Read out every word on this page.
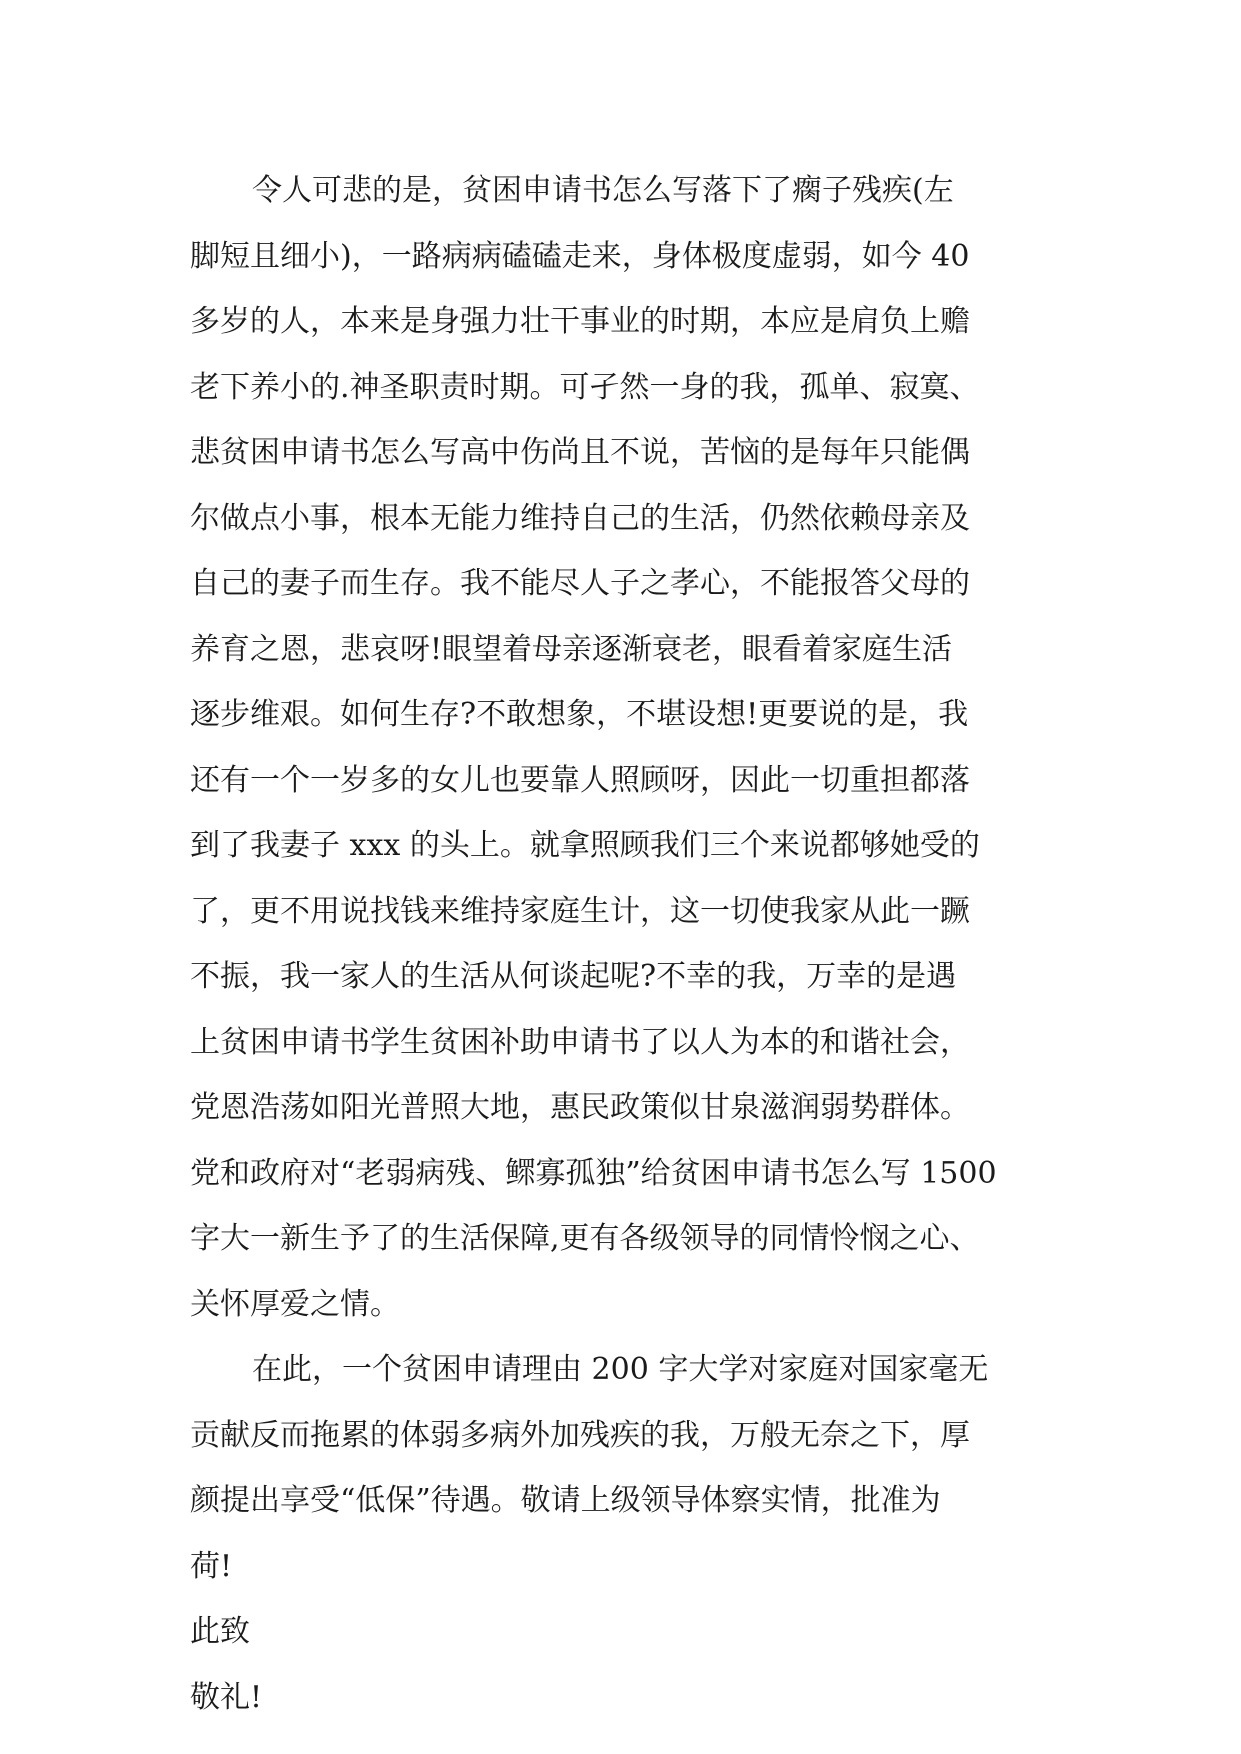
令人可悲的是，贫困申请书怎么写落下了瘸子残疾(左
脚短且细小)，一路病病磕磕走来，身体极度虚弱，如今 40
多岁的人，本来是身强力壮干事业的时期，本应是肩负上赡
老下养小的.神圣职责时期。可孑然一身的我，孤单、寂寞、
悲贫困申请书怎么写高中伤尚且不说，苦恼的是每年只能偶
尔做点小事，根本无能力维持自己的生活，仍然依赖母亲及
自己的妻子而生存。我不能尽人子之孝心，不能报答父母的
养育之恩，悲哀呀!眼望着母亲逐渐衰老，眼看着家庭生活
逐步维艰。如何生存?不敢想象，不堪设想!更要说的是，我
还有一个一岁多的女儿也要靠人照顾呀，因此一切重担都落
到了我妻子 xxx 的头上。就拿照顾我们三个来说都够她受的
了，更不用说找钱来维持家庭生计，这一切使我家从此一蹶
不振，我一家人的生活从何谈起呢?不幸的我，万幸的是遇
上贫困申请书学生贫困补助申请书了以人为本的和谐社会，
党恩浩荡如阳光普照大地，惠民政策似甘泉滋润弱势群体。
党和政府对“老弱病残、鳏寡孤独”给贫困申请书怎么写 1500
字大一新生予了的生活保障,更有各级领导的同情怜悯之心、
关怀厚爱之情。
在此，一个贫困申请理由 200 字大学对家庭对国家毫无
贡献反而拖累的体弱多病外加残疾的我，万般无奈之下，厚
颜提出享受“低保”待遇。敬请上级领导体察实情，批准为
荷!
此致
敬礼!
